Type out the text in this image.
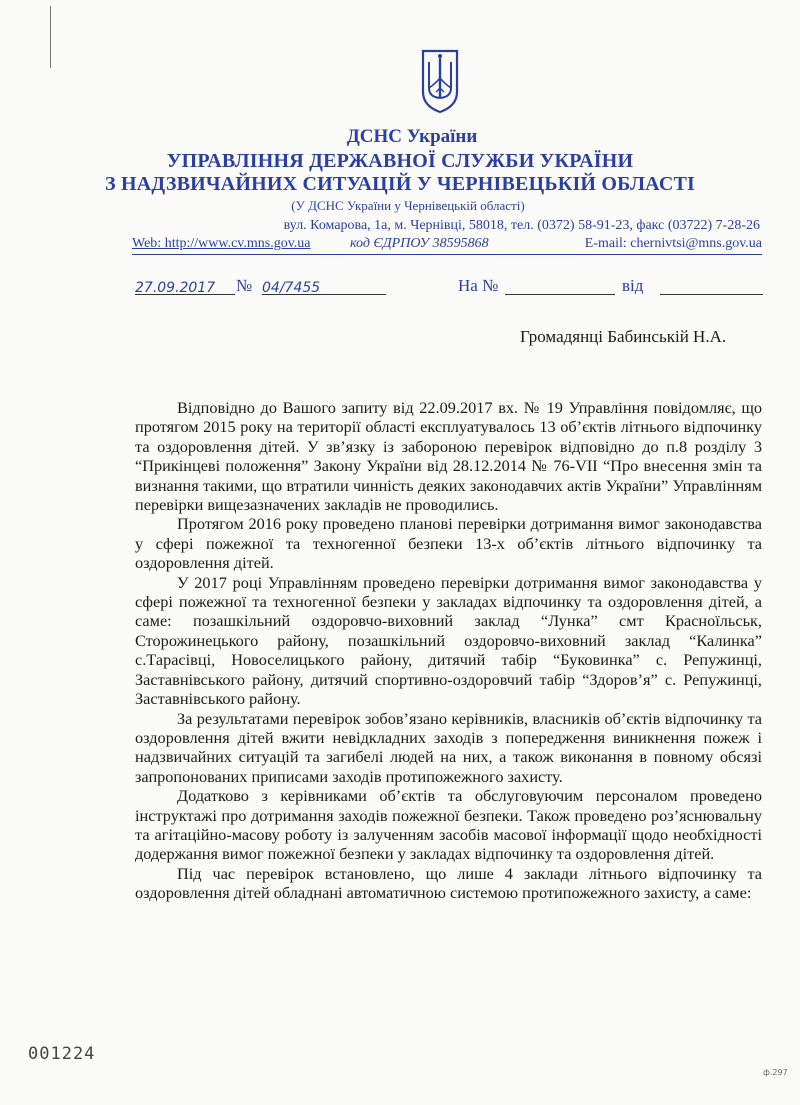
ДСНС України
УПРАВЛІННЯ ДЕРЖАВНОЇ СЛУЖБИ УКРАЇНИ
З НАДЗВИЧАЙНИХ СИТУАЦІЙ У ЧЕРНІВЕЦЬКІЙ ОБЛАСТІ
(У ДСНС України у Чернівецькій області)
вул. Комарова, 1а, м. Чернівці, 58018, тел. (0372) 58-91-23, факс (03722) 7-28-26
Web: http://www.cv.mns.gov.ua	код ЄДРПОУ 38595868	E-mail: chernivtsi@mns.gov.ua
27.09.2017	№ 04/7455	На №	від
Громадянці Бабинській Н.А.

Відповідно до Вашого запиту від 22.09.2017 вх. № 19 Управління повідомляє, що протягом 2015 року на території області експлуатувалось 13 об’єктів літнього відпочинку та оздоровлення дітей. У зв’язку із забороною перевірок відповідно до п.8 розділу 3 “Прикінцеві положення” Закону України від 28.12.2014 № 76-VII “Про внесення змін та визнання такими, що втратили чинність деяких законодавчих актів України” Управлінням перевірки вищезазначених закладів не проводились.

Протягом 2016 року проведено планові перевірки дотримання вимог законодавства у сфері пожежної та техногенної безпеки 13-х об’єктів літнього відпочинку та оздоровлення дітей.

У 2017 році Управлінням проведено перевірки дотримання вимог законодавства у сфері пожежної та техногенної безпеки у закладах відпочинку та оздоровлення дітей, а саме: позашкільний оздоровчо-виховний заклад “Лунка” смт Красноїльськ, Сторожинецького району, позашкільний оздоровчо-виховний заклад “Калинка” с.Тарасівці, Новоселицького району, дитячий табір “Буковинка” с. Репужинці, Заставнівського району, дитячий спортивно-оздоровчий табір “Здоров’я” с. Репужинці, Заставнівського району.

За результатами перевірок зобов’язано керівників, власників об’єктів відпочинку та оздоровлення дітей вжити невідкладних заходів з попередження виникнення пожеж і надзвичайних ситуацій та загибелі людей на них, а також виконання в повному обсязі запропонованих приписами заходів протипожежного захисту.

Додатково з керівниками об’єктів та обслуговуючим персоналом проведено інструктажі про дотримання заходів пожежної безпеки. Також проведено роз’яснювальну та агітаційно-масову роботу із залученням засобів масової інформації щодо необхідності додержання вимог пожежної безпеки у закладах відпочинку та оздоровлення дітей.

Під час перевірок встановлено, що лише 4 заклади літнього відпочинку та оздоровлення дітей обладнані автоматичною системою протипожежного захисту, а саме:

001224
ф.297
